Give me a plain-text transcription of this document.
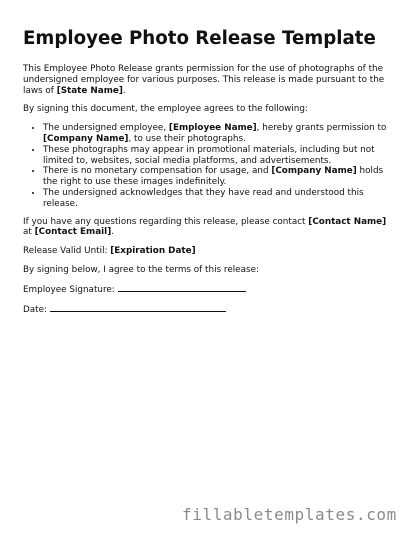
Employee Photo Release Template

This Employee Photo Release grants permission for the use of photographs of the undersigned employee for various purposes. This release is made pursuant to the laws of [State Name].

By signing this document, the employee agrees to the following:

• The undersigned employee, [Employee Name], hereby grants permission to [Company Name], to use their photographs.
• These photographs may appear in promotional materials, including but not limited to, websites, social media platforms, and advertisements.
• There is no monetary compensation for usage, and [Company Name] holds the right to use these images indefinitely.
• The undersigned acknowledges that they have read and understood this release.

If you have any questions regarding this release, please contact [Contact Name] at [Contact Email].

Release Valid Until: [Expiration Date]

By signing below, I agree to the terms of this release:

Employee Signature:

Date:

fillabletemplates.com
